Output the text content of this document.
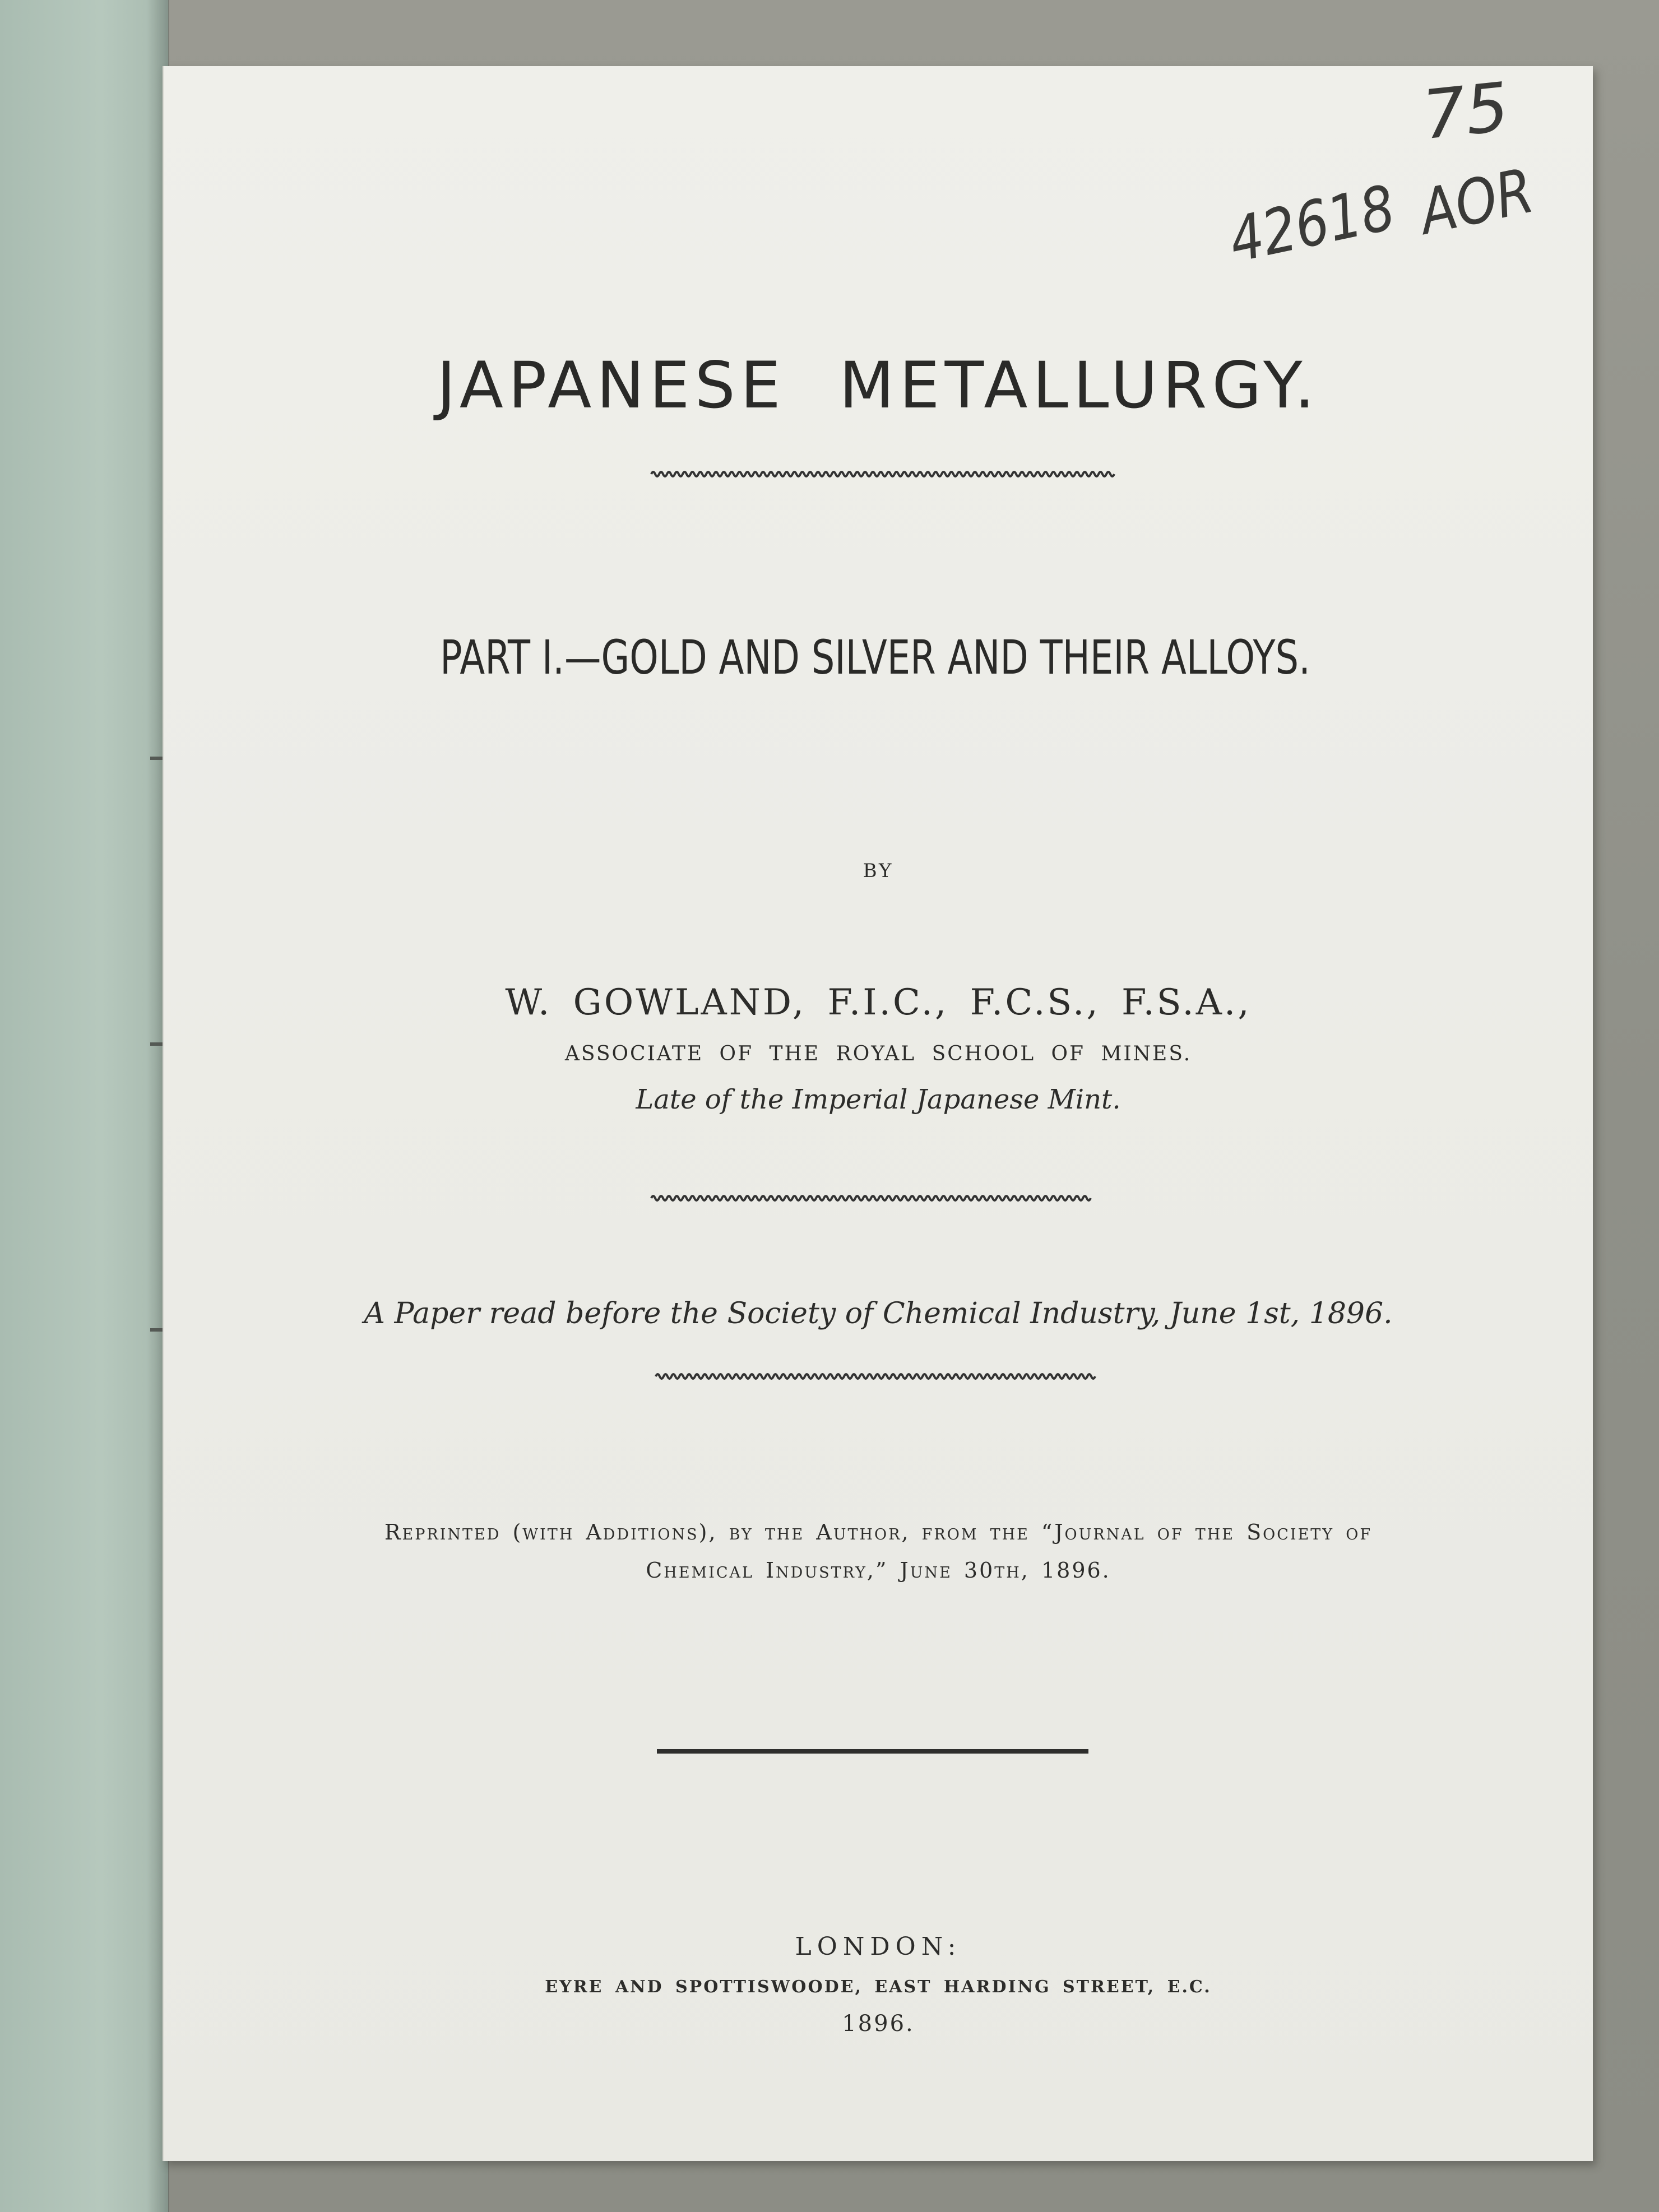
75
42618 AOR
JAPANESE METALLURGY.
PART I.—GOLD AND SILVER AND THEIR ALLOYS.
BY
W. GOWLAND, F.I.C., F.C.S., F.S.A.,
ASSOCIATE OF THE ROYAL SCHOOL OF MINES.
Late of the Imperial Japanese Mint.
A Paper read before the Society of Chemical Industry, June 1st, 1896.
Reprinted (with Additions), by the Author, from the “Journal of the Society of
Chemical Industry,” June 30th, 1896.
LONDON:
EYRE AND SPOTTISWOODE, EAST HARDING STREET, E.C.
1896.
